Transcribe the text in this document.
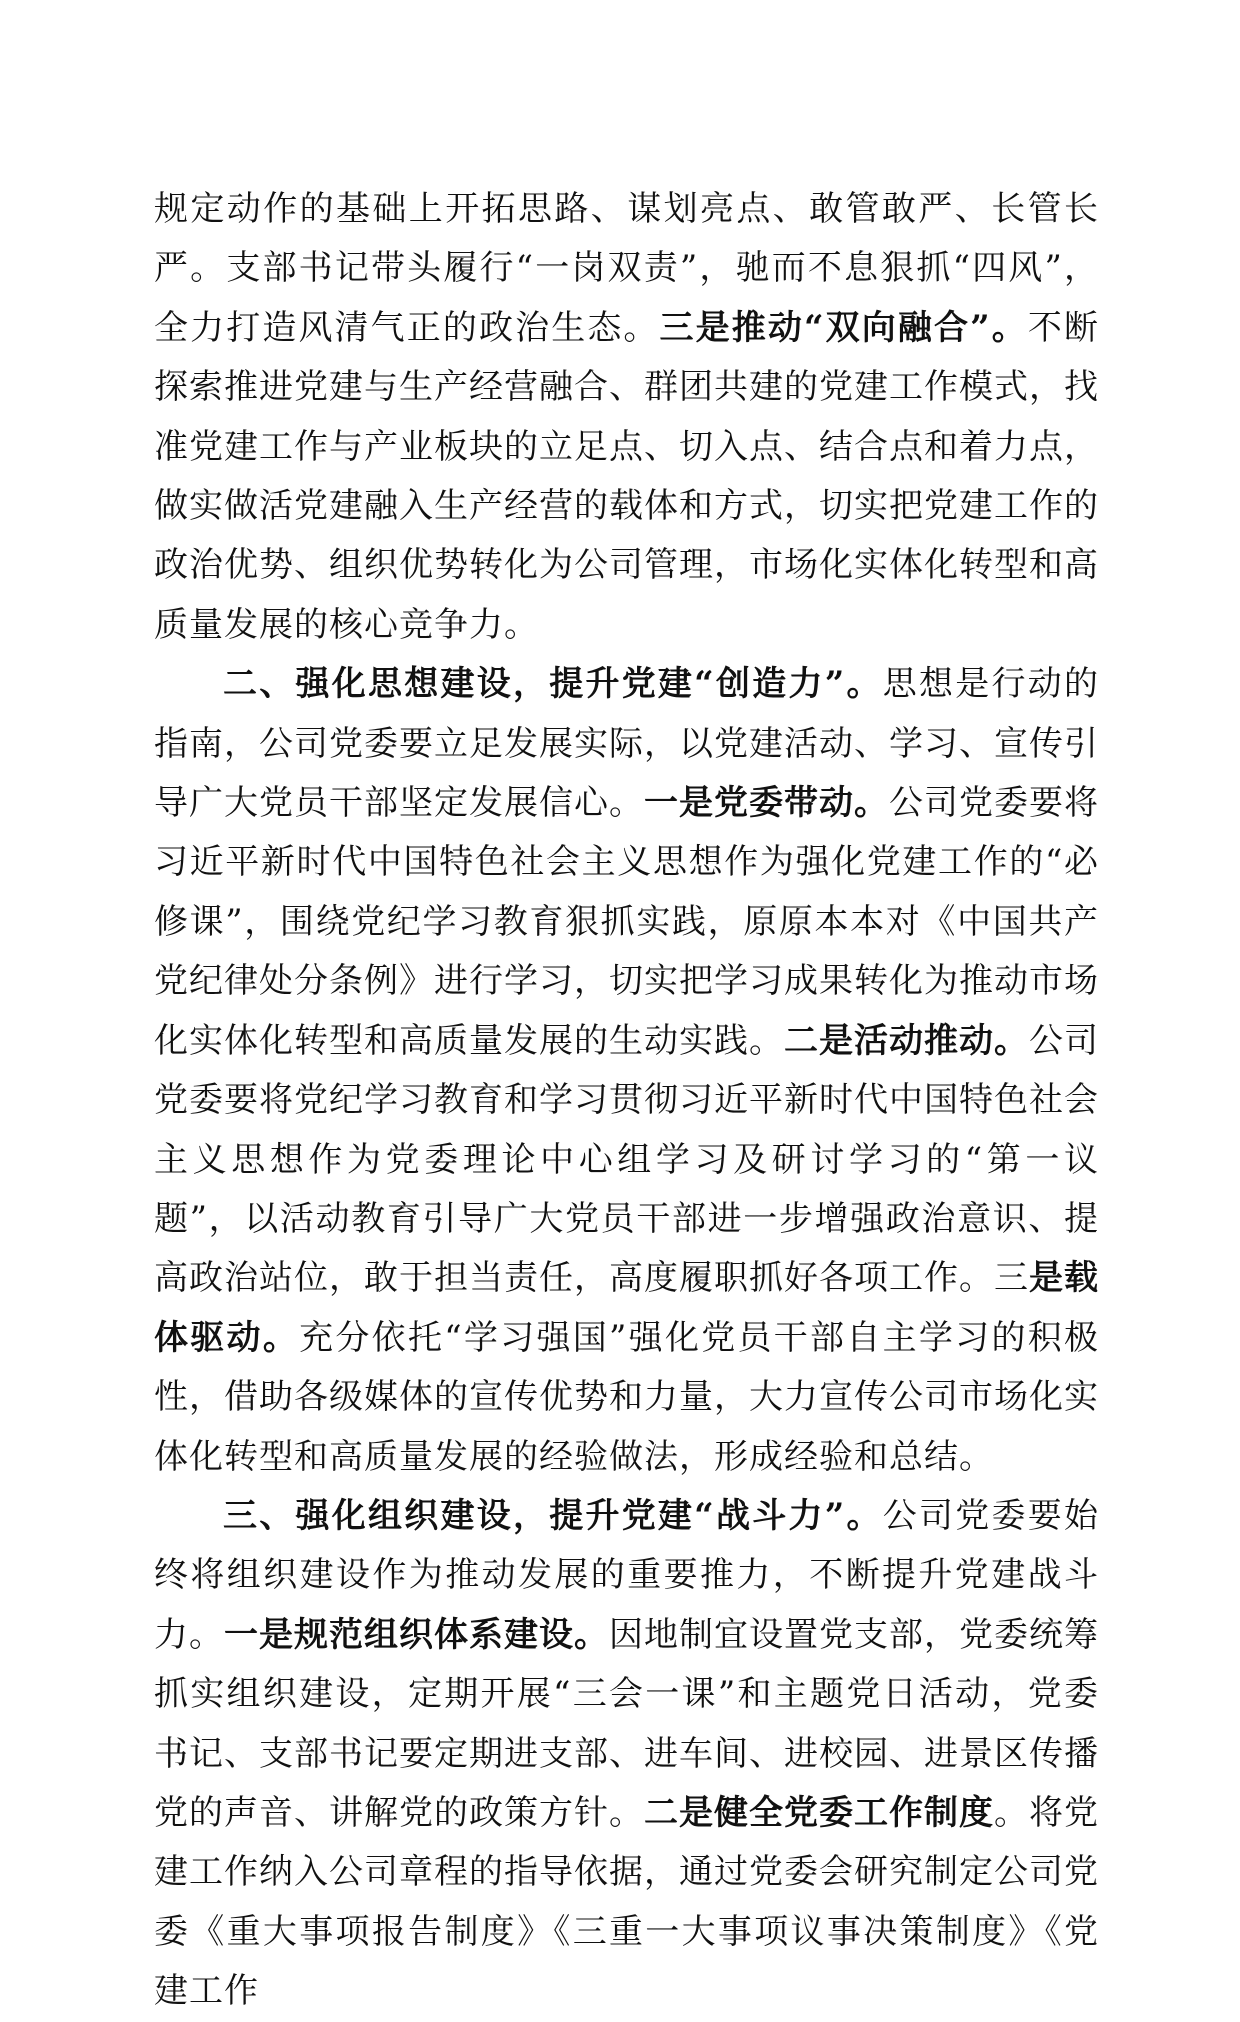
规定动作的基础上开拓思路、谋划亮点、敢管敢严、长管长严。支部书记带头履行“一岗双责”，驰而不息狠抓“四风”，全力打造风清气正的政治生态。三是推动“双向融合”。不断探索推进党建与生产经营融合、群团共建的党建工作模式，找准党建工作与产业板块的立足点、切入点、结合点和着力点，做实做活党建融入生产经营的载体和方式，切实把党建工作的政治优势、组织优势转化为公司管理，市场化实体化转型和高质量发展的核心竞争力。

二、强化思想建设，提升党建“创造力”。思想是行动的指南，公司党委要立足发展实际，以党建活动、学习、宣传引导广大党员干部坚定发展信心。一是党委带动。公司党委要将习近平新时代中国特色社会主义思想作为强化党建工作的“必修课”，围绕党纪学习教育狠抓实践，原原本本对《中国共产党纪律处分条例》进行学习，切实把学习成果转化为推动市场化实体化转型和高质量发展的生动实践。二是活动推动。公司党委要将党纪学习教育和学习贯彻习近平新时代中国特色社会主义思想作为党委理论中心组学习及研讨学习的“第一议题”，以活动教育引导广大党员干部进一步增强政治意识、提高政治站位，敢于担当责任，高度履职抓好各项工作。三是载体驱动。充分依托“学习强国”强化党员干部自主学习的积极性，借助各级媒体的宣传优势和力量，大力宣传公司市场化实体化转型和高质量发展的经验做法，形成经验和总结。

三、强化组织建设，提升党建“战斗力”。公司党委要始终将组织建设作为推动发展的重要推力，不断提升党建战斗力。一是规范组织体系建设。因地制宜设置党支部，党委统筹抓实组织建设，定期开展“三会一课”和主题党日活动，党委书记、支部书记要定期进支部、进车间、进校园、进景区传播党的声音、讲解党的政策方针。二是健全党委工作制度。将党建工作纳入公司章程的指导依据，通过党委会研究制定公司党委《重大事项报告制度》《三重一大事项议事决策制度》《党建工作
